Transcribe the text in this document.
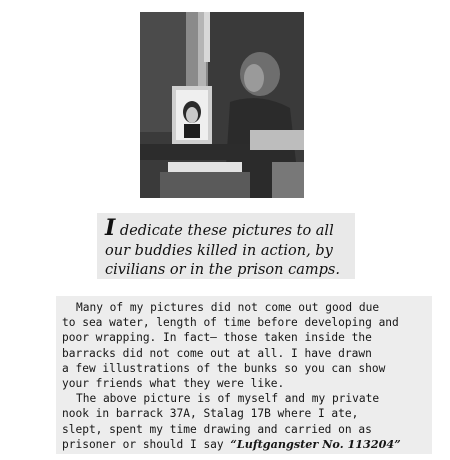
I dedicate these pictures to all
our buddies killed in action, by
civilians or in the prison camps.
Many of my pictures did not come out good due
to sea water, length of time before developing and
poor wrapping. In fact— those taken inside the
barracks did not come out at all. I have drawn
a few illustrations of the bunks so you can show
your friends what they were like.
The above picture is of myself and my private
nook in barrack 37A, Stalag 17B where I ate,
slept, spent my time drawing and carried on as
prisoner or should I say “Luftgangster No. 113204”
